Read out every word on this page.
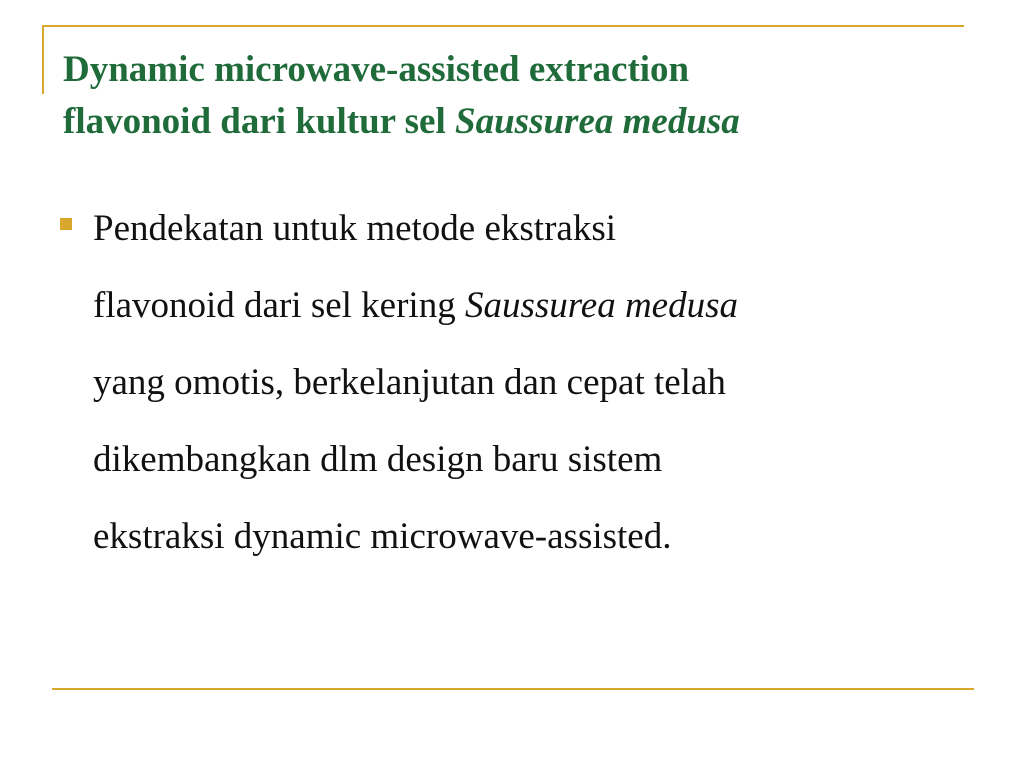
Dynamic microwave-assisted extraction
flavonoid dari kultur sel Saussurea medusa

Pendekatan untuk metode ekstraksi
flavonoid dari sel kering Saussurea medusa
yang omotis, berkelanjutan dan cepat telah
dikembangkan dlm design baru sistem
ekstraksi dynamic microwave-assisted.
